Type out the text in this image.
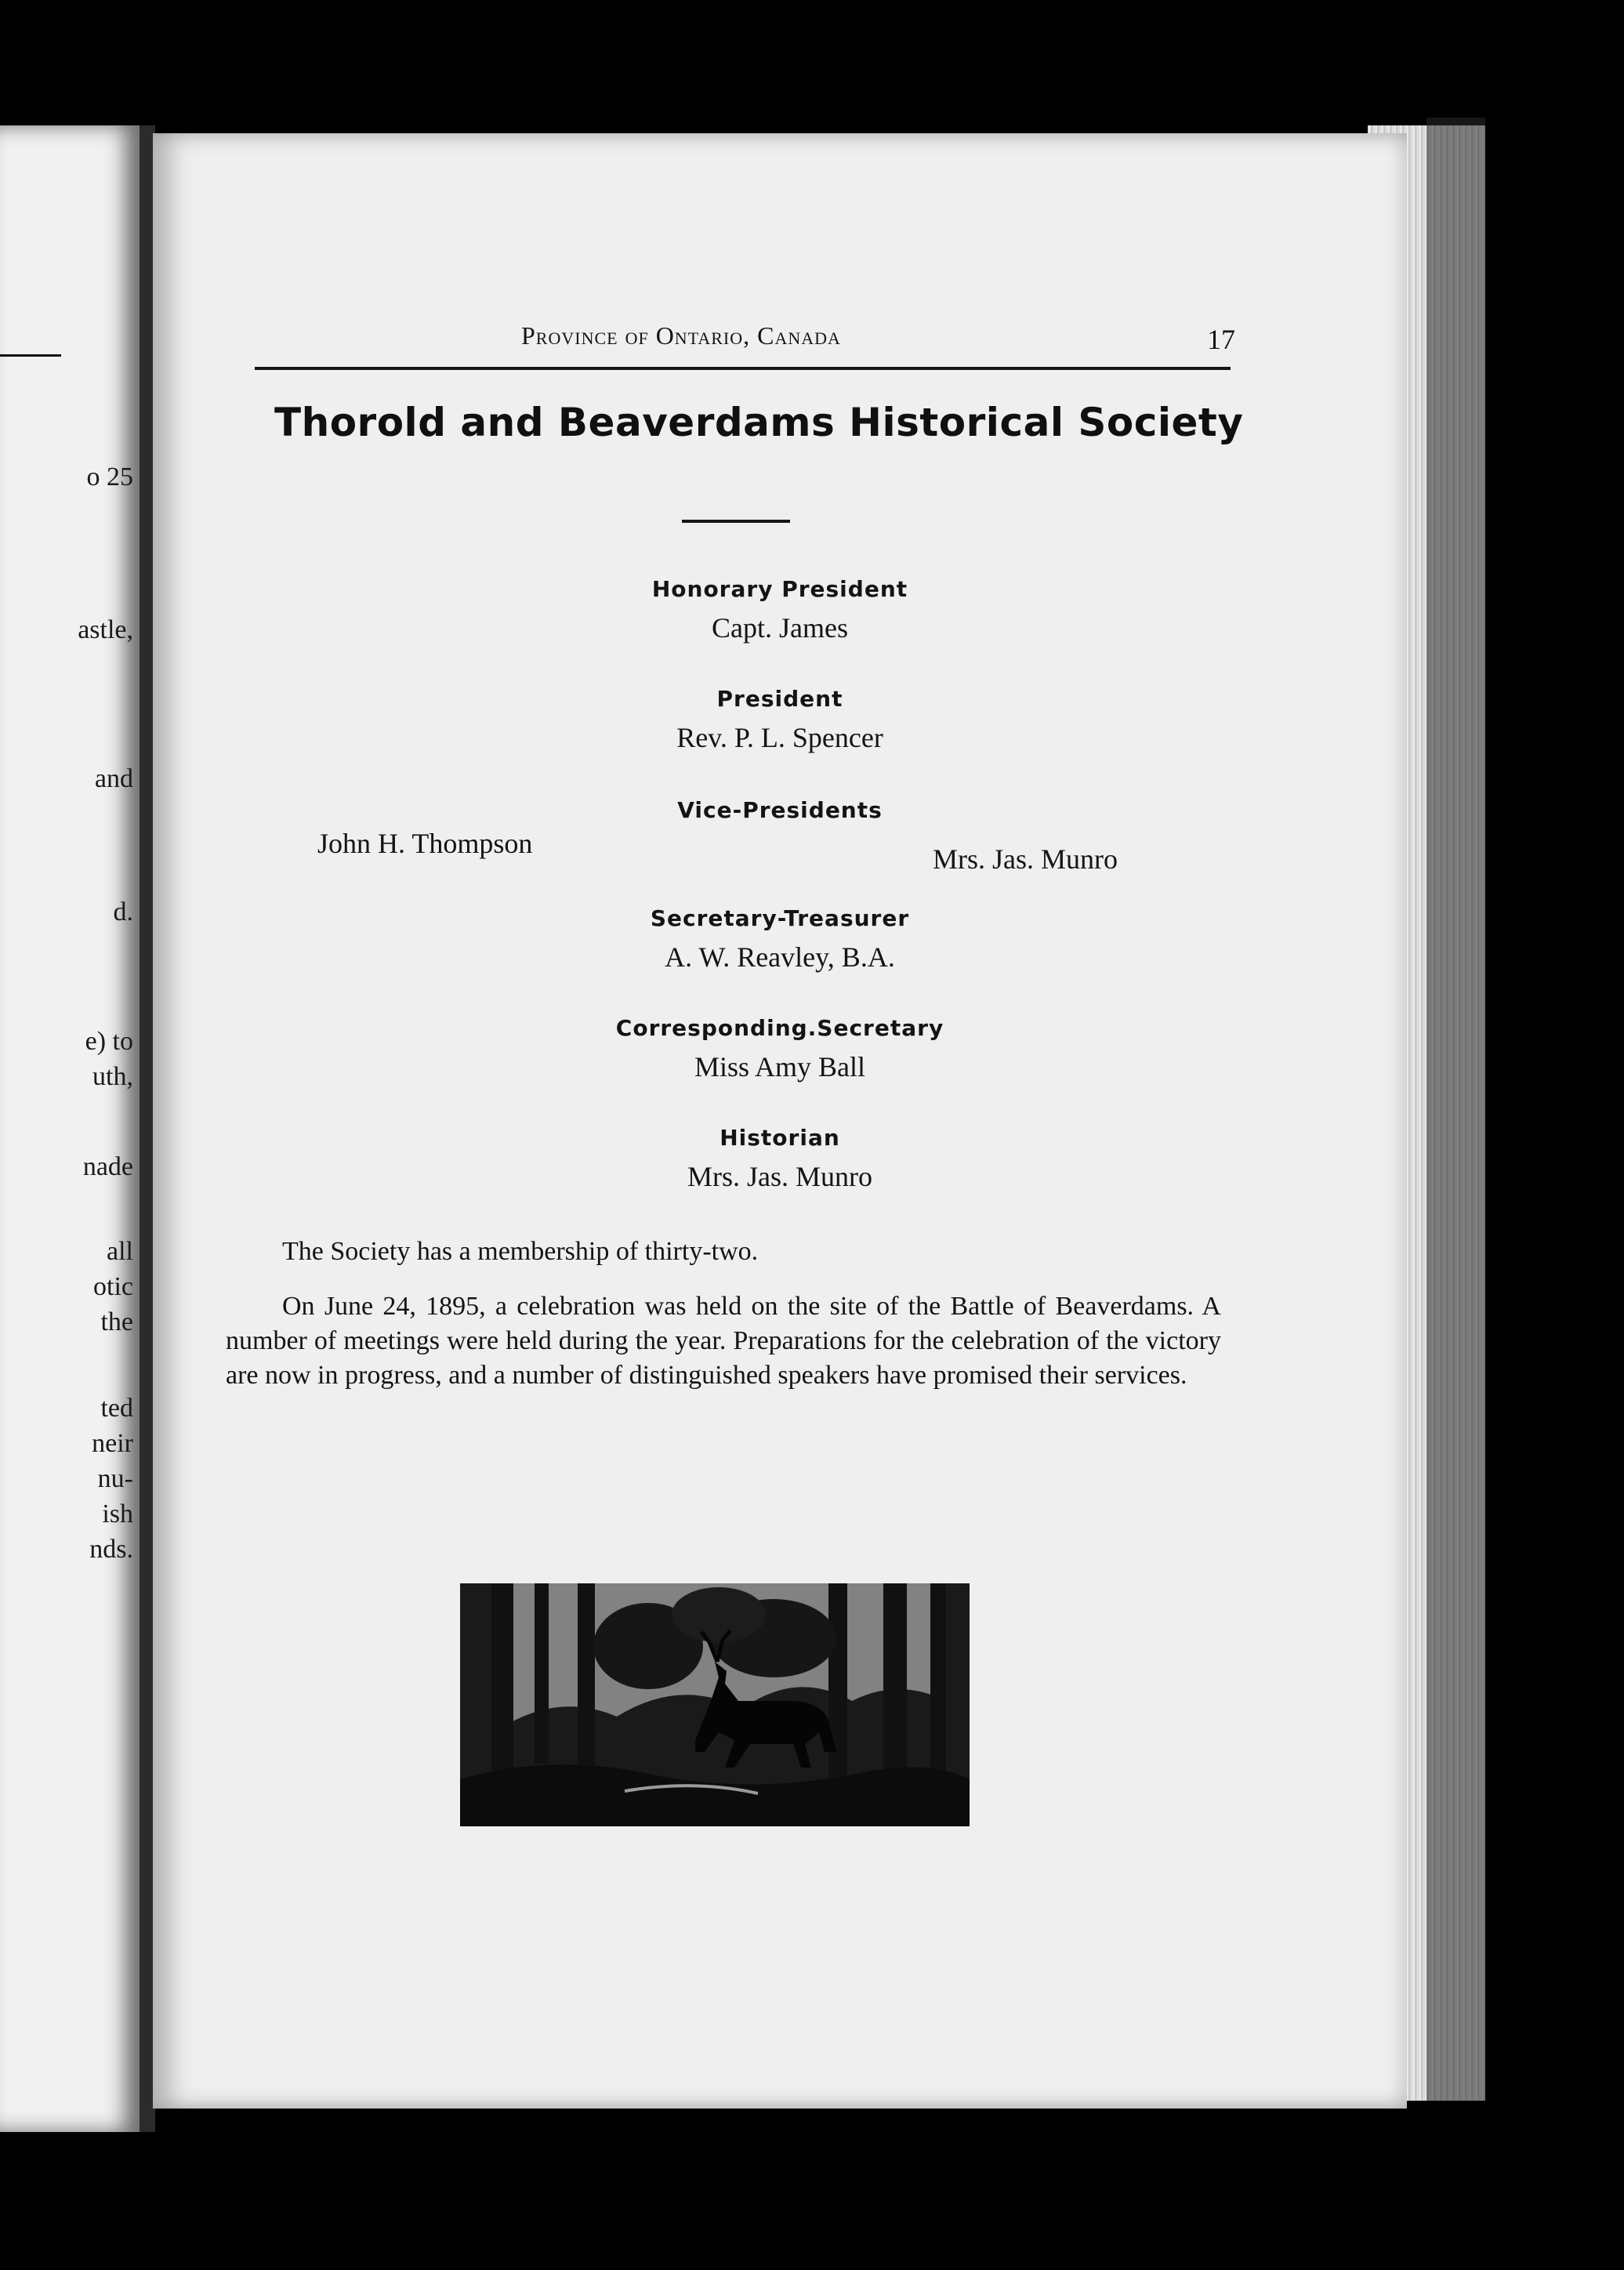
o 25
astle,
and
d.
e) to
uth,
nade
all
otic
the
ted
neir
nu-
ish
nds.
Province of Ontario, Canada	17
Thorold and Beaverdams Historical Society
Honorary President
Capt. James
President
Rev. P. L. Spencer
Vice-Presidents
John H. Thompson	Mrs. Jas. Munro
Secretary-Treasurer
A. W. Reavley, B.A.
Corresponding.Secretary
Miss Amy Ball
Historian
Mrs. Jas. Munro
The Society has a membership of thirty-two.
On June 24, 1895, a celebration was held on the site of the Battle of Beaverdams. A number of meetings were held during the year. Preparations for the celebration of the victory are now in progress, and a number of distinguished speakers have promised their services.
